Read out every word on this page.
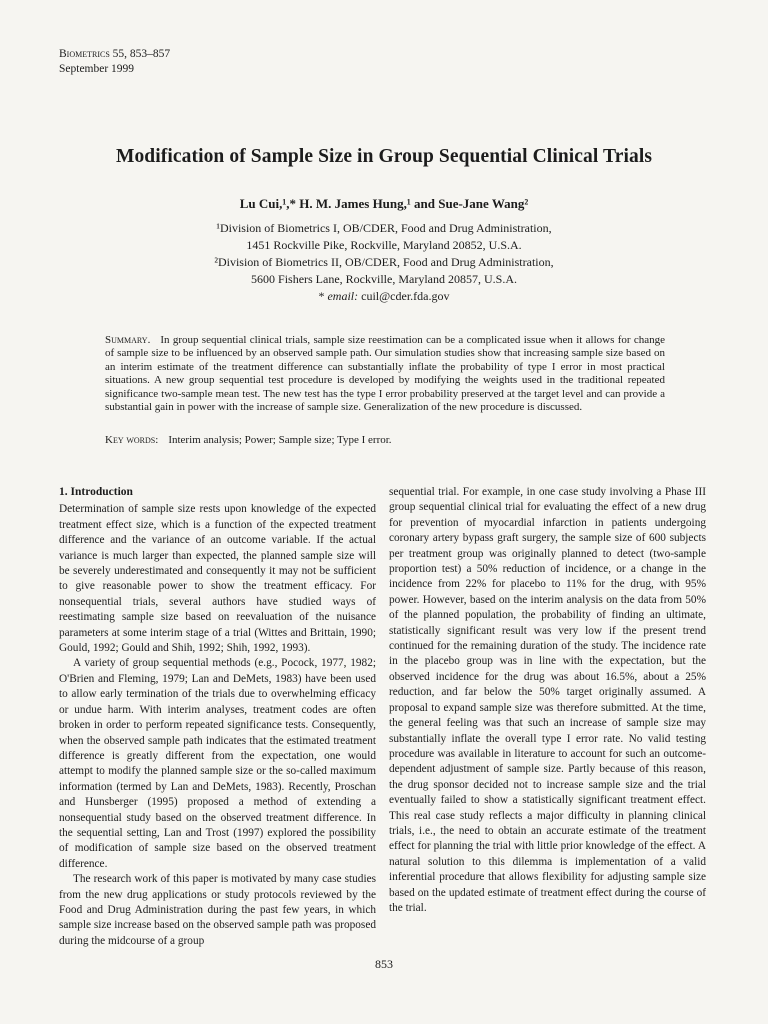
Biometrics 55, 853–857
September 1999
Modification of Sample Size in Group Sequential Clinical Trials
Lu Cui,¹,* H. M. James Hung,¹ and Sue-Jane Wang²
¹Division of Biometrics I, OB/CDER, Food and Drug Administration,
1451 Rockville Pike, Rockville, Maryland 20852, U.S.A.
²Division of Biometrics II, OB/CDER, Food and Drug Administration,
5600 Fishers Lane, Rockville, Maryland 20857, U.S.A.
* email: cuil@cder.fda.gov
Summary. In group sequential clinical trials, sample size reestimation can be a complicated issue when it allows for change of sample size to be influenced by an observed sample path. Our simulation studies show that increasing sample size based on an interim estimate of the treatment difference can substantially inflate the probability of type I error in most practical situations. A new group sequential test procedure is developed by modifying the weights used in the traditional repeated significance two-sample mean test. The new test has the type I error probability preserved at the target level and can provide a substantial gain in power with the increase of sample size. Generalization of the new procedure is discussed.
Key words: Interim analysis; Power; Sample size; Type I error.
1. Introduction

Determination of sample size rests upon knowledge of the expected treatment effect size, which is a function of the expected treatment difference and the variance of an outcome variable. If the actual variance is much larger than expected, the planned sample size will be severely underestimated and consequently it may not be sufficient to give reasonable power to show the treatment efficacy. For nonsequential trials, several authors have studied ways of reestimating sample size based on reevaluation of the nuisance parameters at some interim stage of a trial (Wittes and Brittain, 1990; Gould, 1992; Gould and Shih, 1992; Shih, 1992, 1993).

A variety of group sequential methods (e.g., Pocock, 1977, 1982; O'Brien and Fleming, 1979; Lan and DeMets, 1983) have been used to allow early termination of the trials due to overwhelming efficacy or undue harm. With interim analyses, treatment codes are often broken in order to perform repeated significance tests. Consequently, when the observed sample path indicates that the estimated treatment difference is greatly different from the expectation, one would attempt to modify the planned sample size or the so-called maximum information (termed by Lan and DeMets, 1983). Recently, Proschan and Hunsberger (1995) proposed a method of extending a nonsequential study based on the observed treatment difference. In the sequential setting, Lan and Trost (1997) explored the possibility of modification of sample size based on the observed treatment difference.

The research work of this paper is motivated by many case studies from the new drug applications or study protocols reviewed by the Food and Drug Administration during the past few years, in which sample size increase based on the observed sample path was proposed during the midcourse of a group

sequential trial. For example, in one case study involving a Phase III group sequential clinical trial for evaluating the effect of a new drug for prevention of myocardial infarction in patients undergoing coronary artery bypass graft surgery, the sample size of 600 subjects per treatment group was originally planned to detect (two-sample proportion test) a 50% reduction of incidence, or a change in the incidence from 22% for placebo to 11% for the drug, with 95% power. However, based on the interim analysis on the data from 50% of the planned population, the probability of finding an ultimate, statistically significant result was very low if the present trend continued for the remaining duration of the study. The incidence rate in the placebo group was in line with the expectation, but the observed incidence for the drug was about 16.5%, about a 25% reduction, and far below the 50% target originally assumed. A proposal to expand sample size was therefore submitted. At the time, the general feeling was that such an increase of sample size may substantially inflate the overall type I error rate. No valid testing procedure was available in literature to account for such an outcome-dependent adjustment of sample size. Partly because of this reason, the drug sponsor decided not to increase sample size and the trial eventually failed to show a statistically significant treatment effect. This real case study reflects a major difficulty in planning clinical trials, i.e., the need to obtain an accurate estimate of the treatment effect for planning the trial with little prior knowledge of the effect. A natural solution to this dilemma is implementation of a valid inferential procedure that allows flexibility for adjusting sample size based on the updated estimate of treatment effect during the course of the trial.

853
